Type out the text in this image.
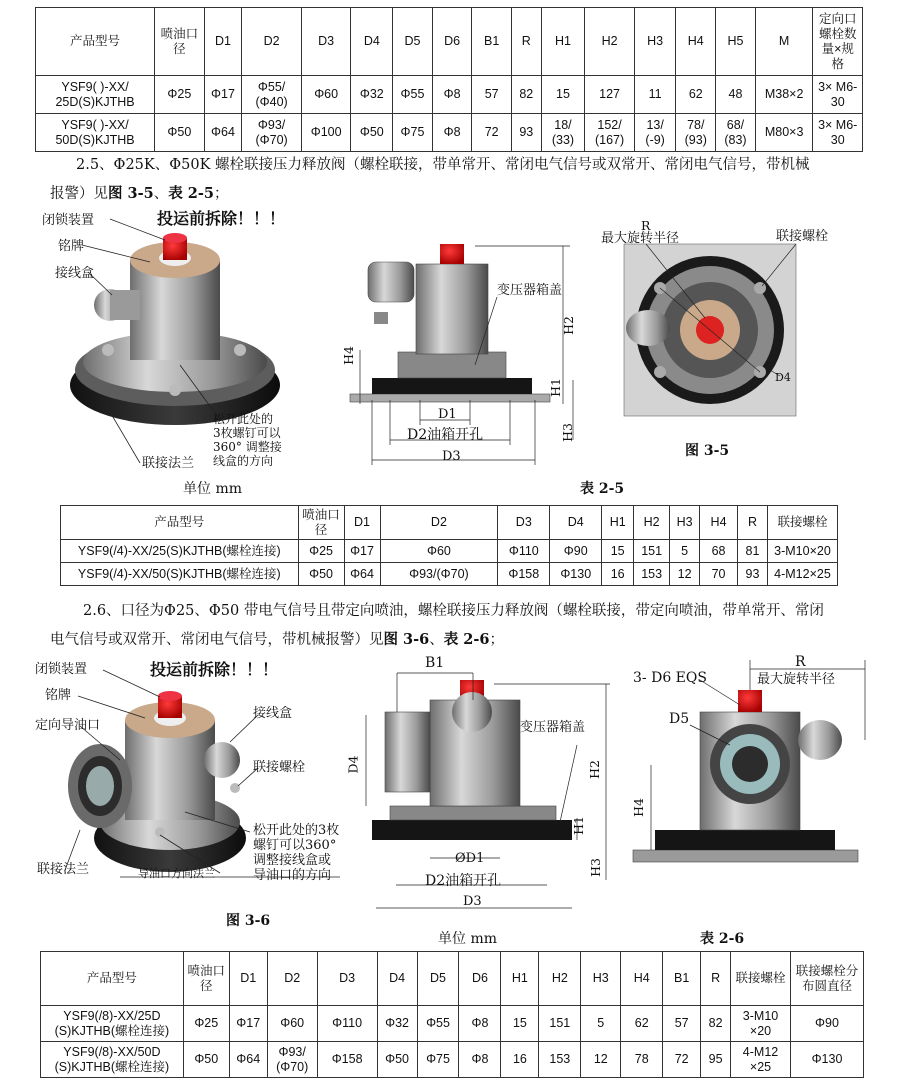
产品型号	喷油口径	D1	D2	D3	D4	D5	D6	B1	R	H1	H2	H3	H4	H5	M	定向口螺栓数量×规格
YSF9( )-XX/ 25D(S)KJTHB	Φ25	Φ17	Φ55/ (Φ40)	Φ60	Φ32	Φ55	Φ8	57	82	15	127	11	62	48	M38×2	3× M6-30
YSF9( )-XX/ 50D(S)KJTHB	Φ50	Φ64	Φ93/ (Φ70)	Φ100	Φ50	Φ75	Φ8	72	93	18/ (33)	152/ (167)	13/ (-9)	78/ (93)	68/ (83)	M80×3	3× M6-30
2.5、Φ25K、Φ50K 螺栓联接压力释放阀（螺栓联接，带单常开、常闭电气信号或双常开、常闭电气信号，带机械
报警）见图 3-5、表 2-5；
投运前拆除！！！
闭锁装置
铭牌
接线盒
联接法兰
松开此处的
3枚螺钉可以
360° 调整接
线盒的方向
变压器箱盖
H2
H4
H1
H3
D1
D2油箱开孔
D3
R
最大旋转半径	联接螺栓
D4
图 3-5
单位 mm	表 2-5
产品型号	喷油口径	D1	D2	D3	D4	H1	H2	H3	H4	R	联接螺栓
YSF9(/4)-XX/25(S)KJTHB(螺栓连接)	Φ25	Φ17	Φ60	Φ110	Φ90	15	151	5	68	81	3-M10×20
YSF9(/4)-XX/50(S)KJTHB(螺栓连接)	Φ50	Φ64	Φ93/(Φ70)	Φ158	Φ130	16	153	12	70	93	4-M12×25
2.6、口径为Φ25、Φ50 带电气信号且带定向喷油，螺栓联接压力释放阀（螺栓联接，带定向喷油，带单常开、常闭
电气信号或双常开、常闭电气信号，带机械报警）见图 3-6、表 2-6；
投运前拆除！！！
闭锁装置
铭牌
定向导油口
接线盒
联接螺栓
联接法兰	导油口方向法兰
松开此处的3枚
螺钉可以360°
调整接线盒或
导油口的方向
B1
D4
变压器箱盖
H2
H1
H3
ØD1
D2油箱开孔
D3
3- D6 EQS
D5
R
最大旋转半径
H4
图 3-6
单位 mm	表 2-6
产品型号	喷油口径	D1	D2	D3	D4	D5	D6	H1	H2	H3	H4	B1	R	联接螺栓	联接螺栓分布圆直径
YSF9(/8)-XX/25D (S)KJTHB(螺栓连接)	Φ25	Φ17	Φ60	Φ110	Φ32	Φ55	Φ8	15	151	5	62	57	82	3-M10 ×20	Φ90
YSF9(/8)-XX/50D (S)KJTHB(螺栓连接)	Φ50	Φ64	Φ93/ (Φ70)	Φ158	Φ50	Φ75	Φ8	16	153	12	78	72	95	4-M12 ×25	Φ130
